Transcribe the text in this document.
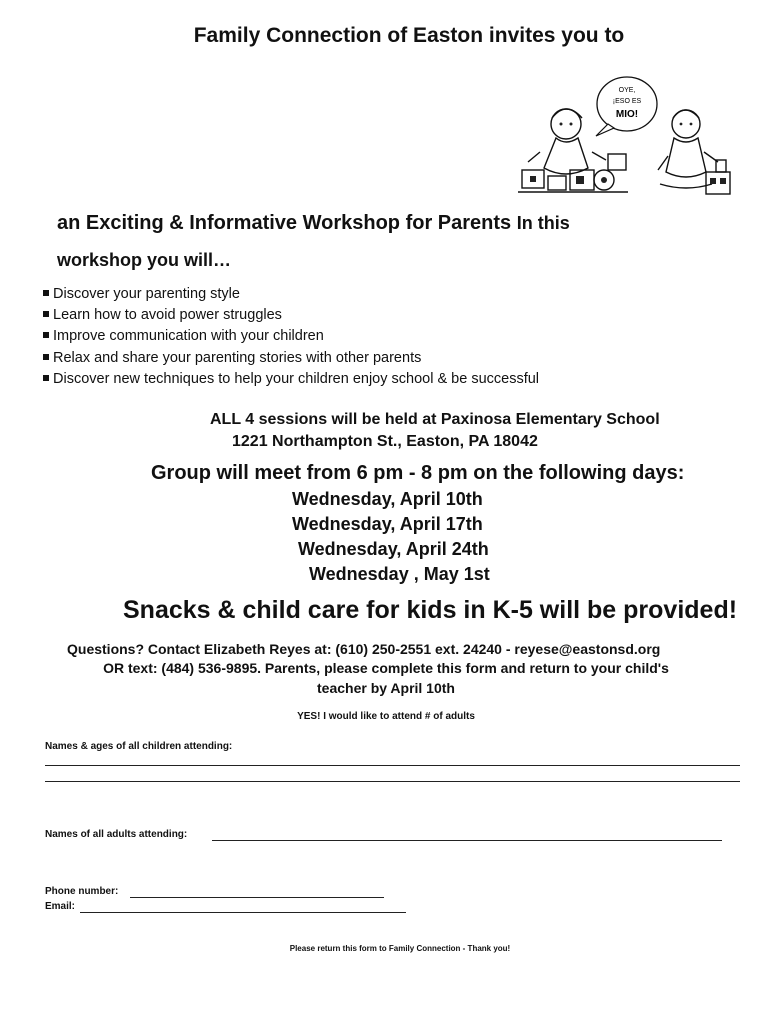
Family Connection of Easton invites you to
OYE,
¡ESO ES
MIO!
an Exciting & Informative Workshop for Parents In this
workshop you will…
Discover your parenting style
Learn how to avoid power struggles
Improve communication with your children
Relax and share your parenting stories with other parents
Discover new techniques to help your children enjoy school & be successful
ALL 4 sessions will be held at Paxinosa Elementary School
1221 Northampton St., Easton, PA 18042
Group will meet from 6 pm - 8 pm on the following days:
Wednesday, April 10th
Wednesday, April 17th
Wednesday, April 24th
Wednesday , May 1st
Snacks & child care for kids in K-5 will be provided!
Questions? Contact Elizabeth Reyes at: (610) 250-2551 ext. 24240 - reyese@eastonsd.org
OR text: (484) 536-9895. Parents, please complete this form and return to your child's
teacher by April 10th
YES! I would like to attend # of adults
Names & ages of all children attending:
Names of all adults attending:
Phone number:
Email:
Please return this form to Family Connection - Thank you!
